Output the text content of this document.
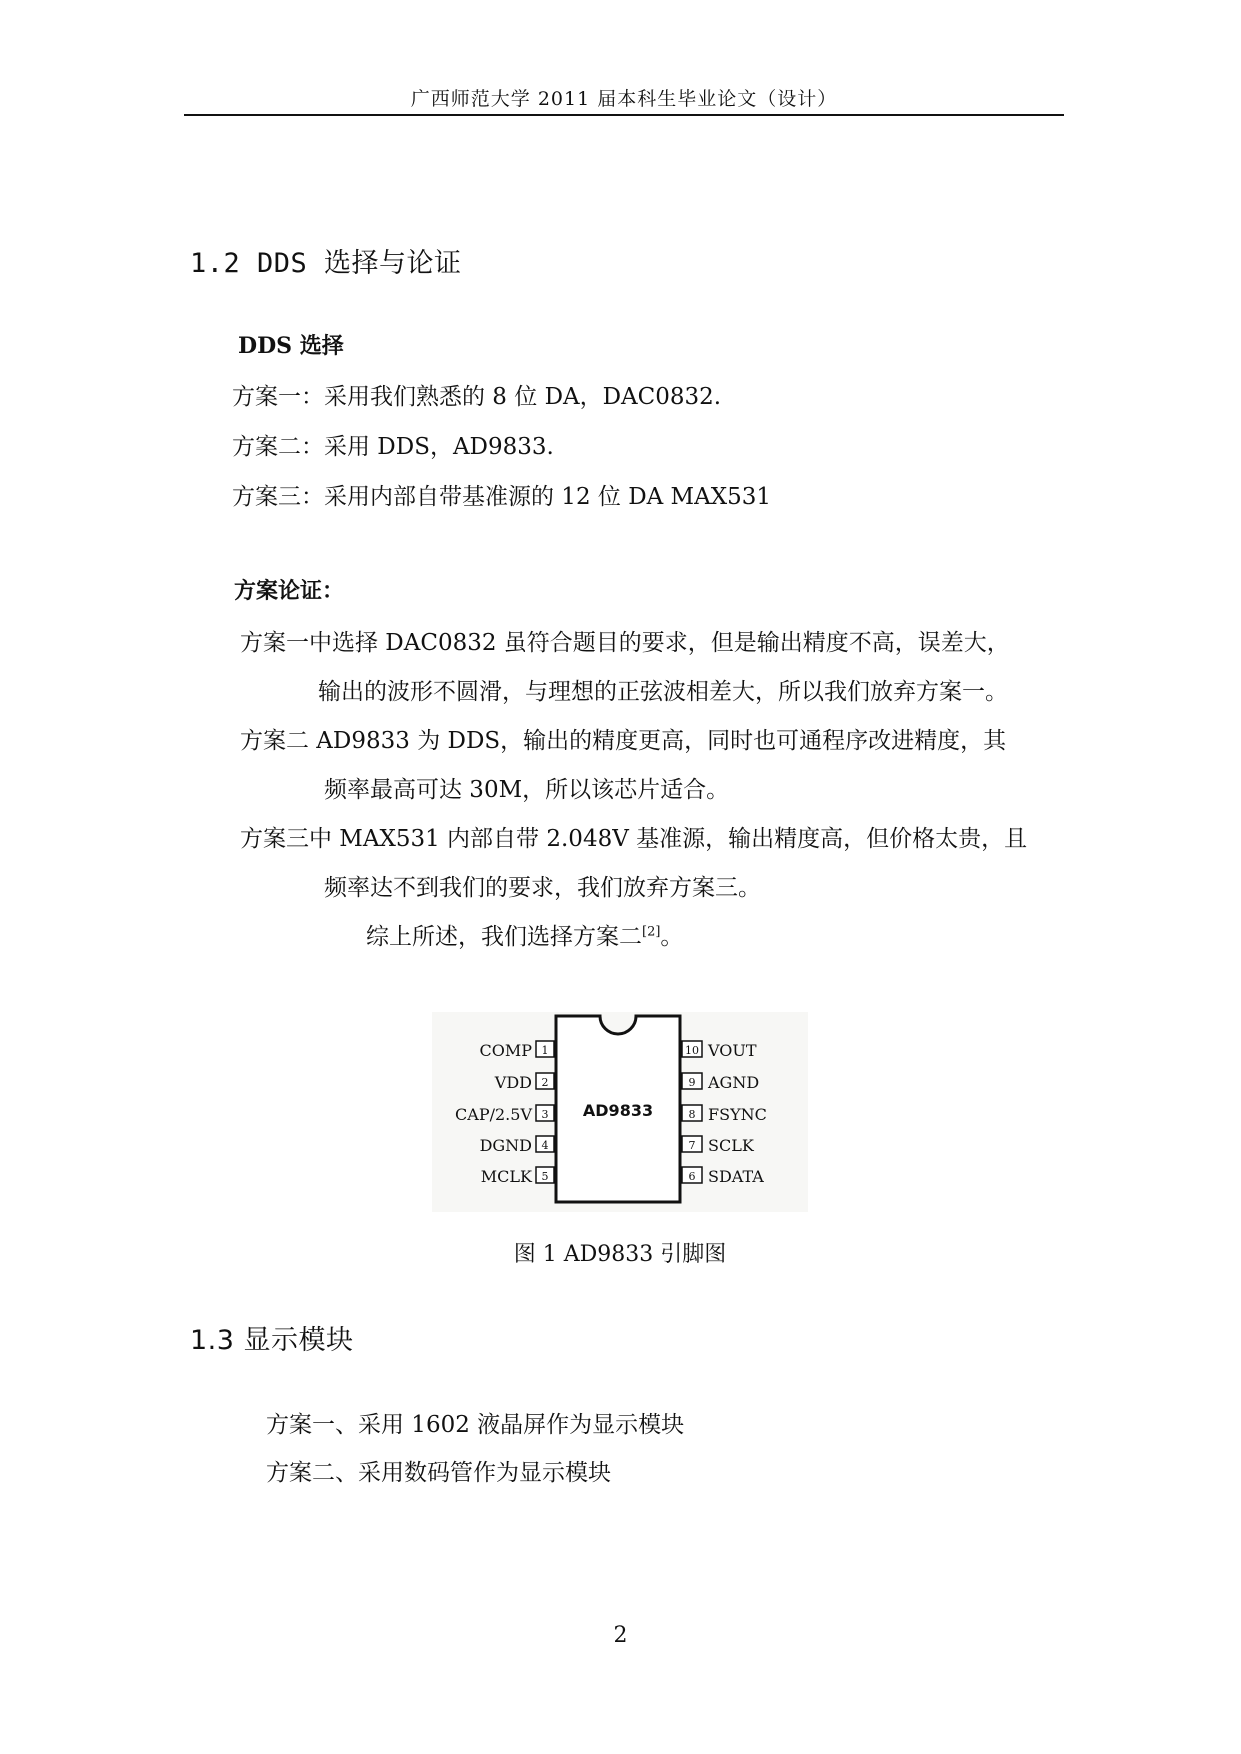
广西师范大学 2011 届本科生毕业论文（设计）
1.2 DDS 选择与论证
DDS 选择
方案一：采用我们熟悉的 8 位 DA，DAC0832.
方案二：采用 DDS，AD9833.
方案三：采用内部自带基准源的 12 位 DA MAX531
方案论证：
方案一中选择 DAC0832 虽符合题目的要求，但是输出精度不高，误差大，
输出的波形不圆滑，与理想的正弦波相差大，所以我们放弃方案一。
方案二 AD9833 为 DDS，输出的精度更高，同时也可通程序改进精度，其
频率最高可达 30M，所以该芯片适合。
方案三中 MAX531 内部自带 2.048V 基准源，输出精度高，但价格太贵，且
频率达不到我们的要求，我们放弃方案三。
综上所述，我们选择方案二[2]。
AD9833
1
COMP
2
VDD
3
CAP/2.5V
4
DGND
5
MCLK
10 VOUT
9 AGND
8 FSYNC
7 SCLK
6 SDATA
图 1 AD9833 引脚图
1.3 显示模块
方案一、采用 1602 液晶屏作为显示模块
方案二、采用数码管作为显示模块
2
